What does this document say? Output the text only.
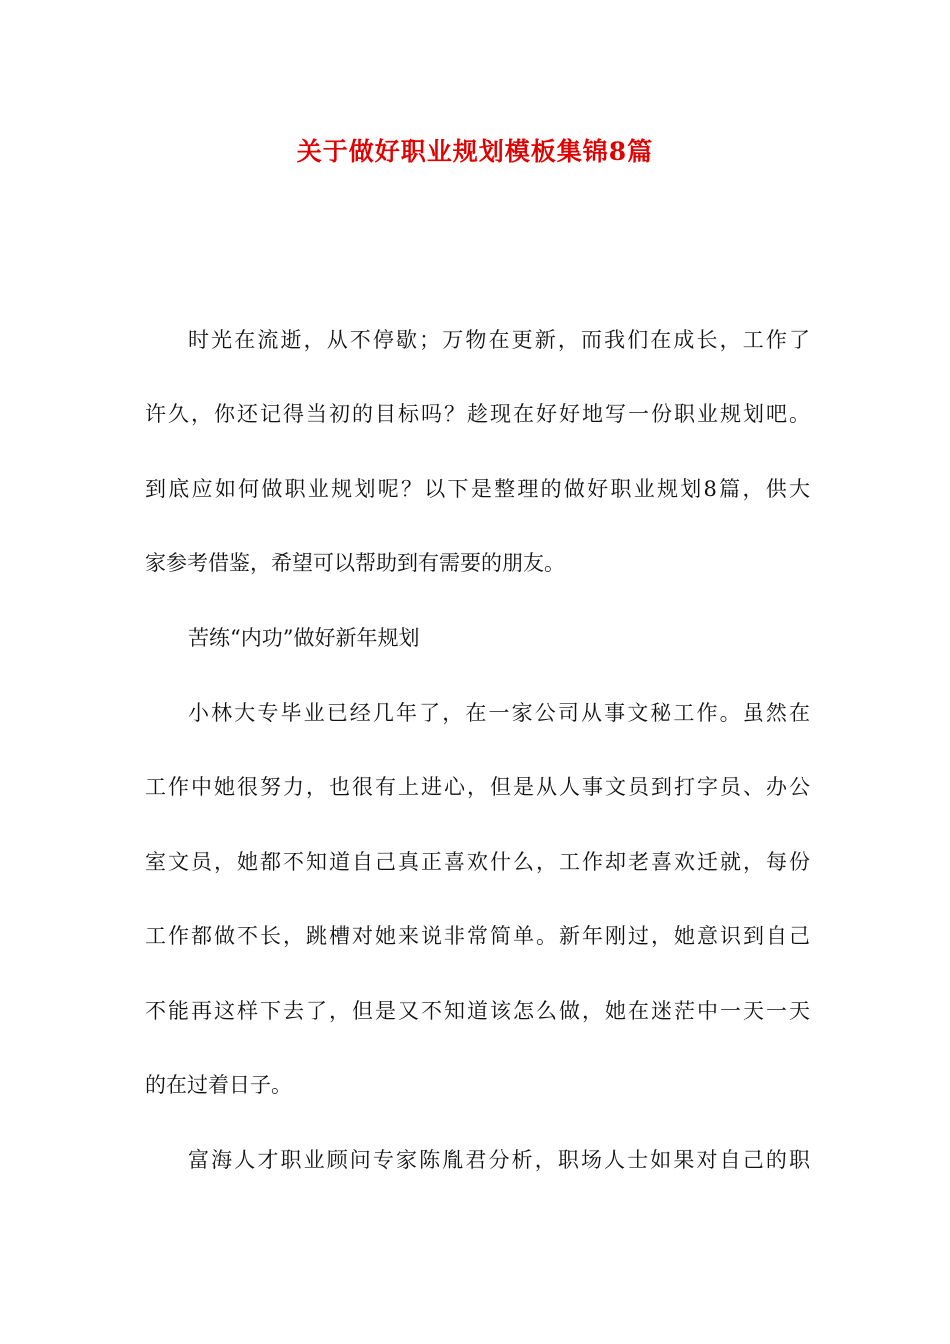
关于做好职业规划模板集锦8篇
时光在流逝，从不停歇；万物在更新，而我们在成长，工作了
许久，你还记得当初的目标吗？趁现在好好地写一份职业规划吧。
到底应如何做职业规划呢？以下是整理的做好职业规划8篇，供大
家参考借鉴，希望可以帮助到有需要的朋友。
苦练“内功”做好新年规划
小林大专毕业已经几年了，在一家公司从事文秘工作。虽然在
工作中她很努力，也很有上进心，但是从人事文员到打字员、办公
室文员，她都不知道自己真正喜欢什么，工作却老喜欢迁就，每份
工作都做不长，跳槽对她来说非常简单。新年刚过，她意识到自己
不能再这样下去了，但是又不知道该怎么做，她在迷茫中一天一天
的在过着日子。
富海人才职业顾问专家陈胤君分析，职场人士如果对自己的职
